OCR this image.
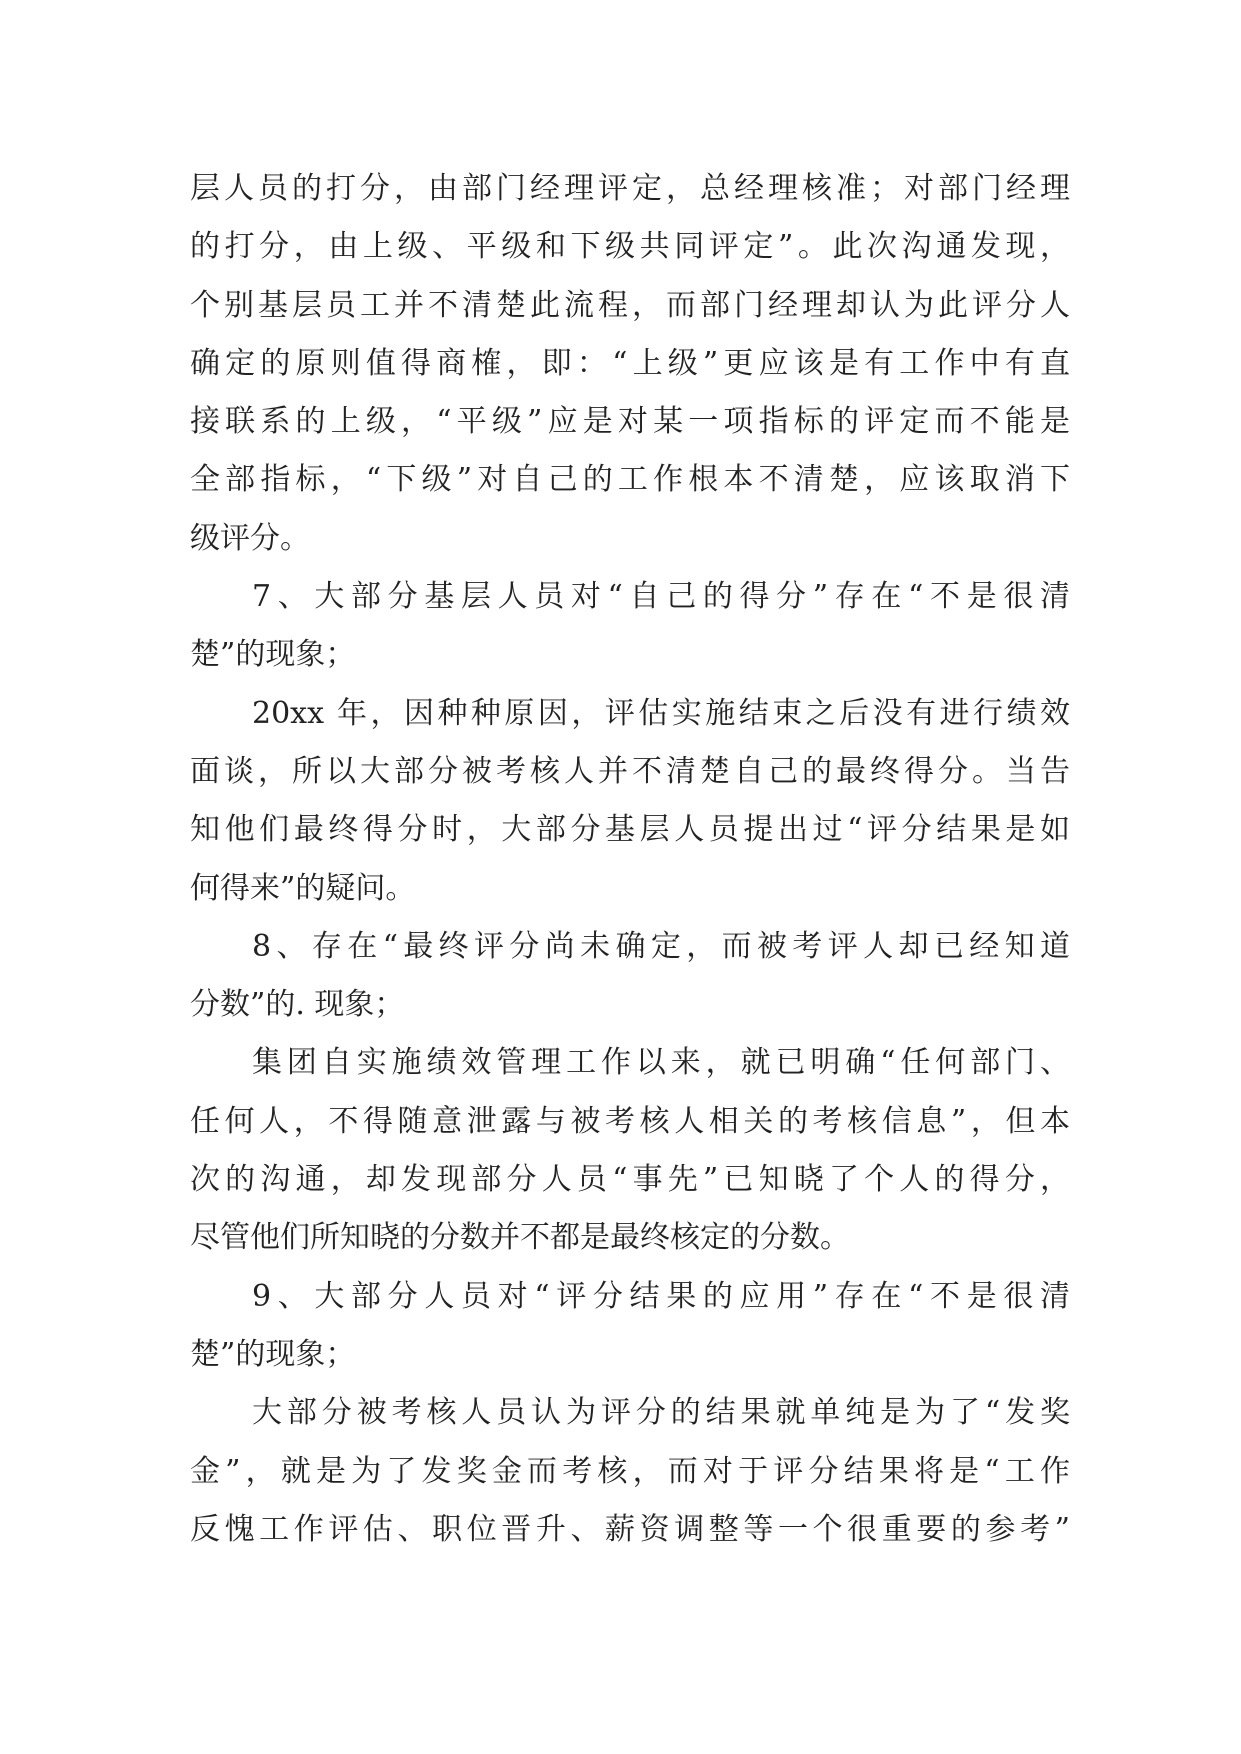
层人员的打分，由部门经理评定，总经理核准；对部门经理
的打分，由上级、平级和下级共同评定”。此次沟通发现，
个别基层员工并不清楚此流程，而部门经理却认为此评分人
确定的原则值得商榷，即：“上级”更应该是有工作中有直
接联系的上级，“平级”应是对某一项指标的评定而不能是
全部指标，“下级”对自己的工作根本不清楚，应该取消下
级评分。
7、大部分基层人员对“自己的得分”存在“不是很清
楚”的现象；
20xx 年，因种种原因，评估实施结束之后没有进行绩效
面谈，所以大部分被考核人并不清楚自己的最终得分。当告
知他们最终得分时，大部分基层人员提出过“评分结果是如
何得来”的疑问。
8、存在“最终评分尚未确定，而被考评人却已经知道
分数”的. 现象；
集团自实施绩效管理工作以来，就已明确“任何部门、
任何人，不得随意泄露与被考核人相关的考核信息”，但本
次的沟通，却发现部分人员“事先”已知晓了个人的得分，
尽管他们所知晓的分数并不都是最终核定的分数。
9、大部分人员对“评分结果的应用”存在“不是很清
楚”的现象；
大部分被考核人员认为评分的结果就单纯是为了“发奖
金”，就是为了发奖金而考核，而对于评分结果将是“工作
反愧工作评估、职位晋升、薪资调整等一个很重要的参考”
